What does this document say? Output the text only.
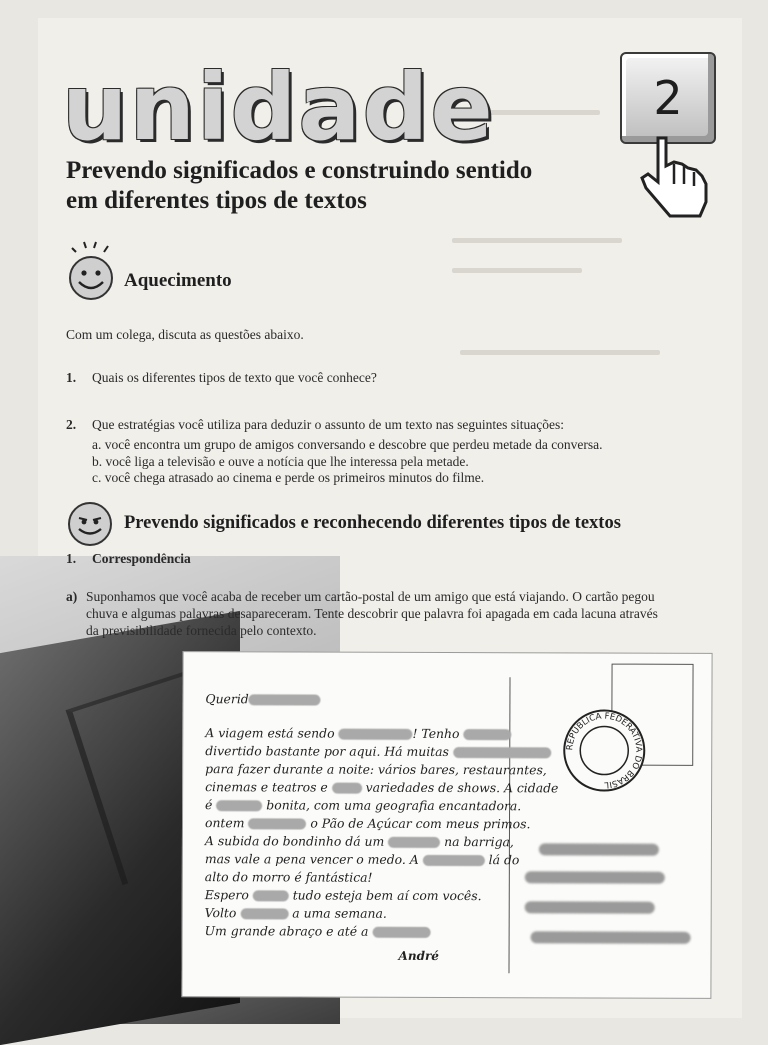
unidade	2
Prevendo significados e construindo sentido
em diferentes tipos de textos
Aquecimento
Com um colega, discuta as questões abaixo.
1. Quais os diferentes tipos de texto que você conhece?
2. Que estratégias você utiliza para deduzir o assunto de um texto nas seguintes situações:
a. você encontra um grupo de amigos conversando e descobre que perdeu metade da conversa.
b. você liga a televisão e ouve a notícia que lhe interessa pela metade.
c. você chega atrasado ao cinema e perde os primeiros minutos do filme.
Prevendo significados e reconhecendo diferentes tipos de textos
1. Correspondência
a) Suponhamos que você acaba de receber um cartão-postal de um amigo que está viajando. O cartão pegou
chuva e algumas palavras desapareceram. Tente descobrir que palavra foi apagada em cada lacuna através
da previsibilidade fornecida pelo contexto.
REPÚBLICA FEDERATIVA DO BRASIL
Querid
A viagem está sendo	! Tenho
divertido bastante por aqui. Há muitas
para fazer durante a noite: vários bares, restaurantes,
cinemas e teatros e	variedades de shows. A cidade
é	bonita, com uma geografia encantadora.
ontem	o Pão de Açúcar com meus primos.
A subida do bondinho dá um	na barriga,
mas vale a pena vencer o medo. A	lá do
alto do morro é fantástica!
Espero	tudo esteja bem aí com vocês.
Volto	a uma semana.
Um grande abraço e até a
André
